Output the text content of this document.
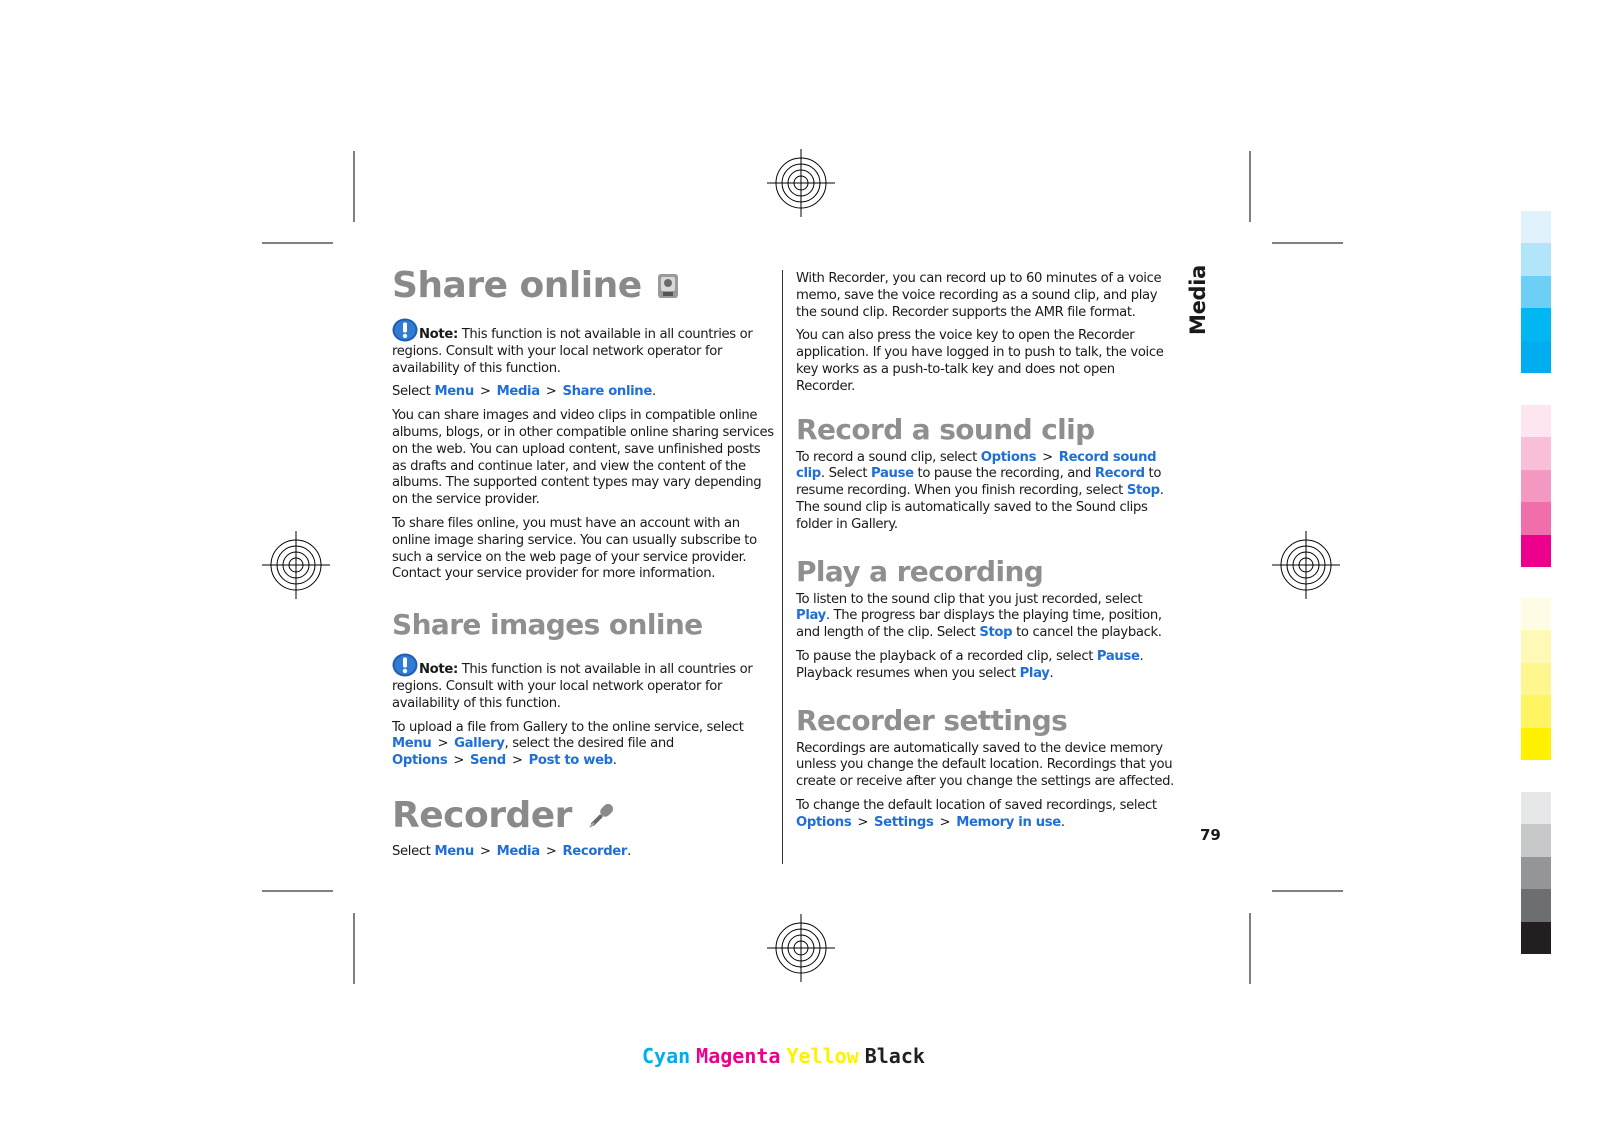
Share online

Note: This function is not available in all countries or regions. Consult with your local network operator for availability of this function.

Select Menu > Media > Share online.

You can share images and video clips in compatible online albums, blogs, or in other compatible online sharing services on the web. You can upload content, save unfinished posts as drafts and continue later, and view the content of the albums. The supported content types may vary depending on the service provider.

To share files online, you must have an account with an online image sharing service. You can usually subscribe to such a service on the web page of your service provider. Contact your service provider for more information.

Share images online

Note: This function is not available in all countries or regions. Consult with your local network operator for availability of this function.

To upload a file from Gallery to the online service, select Menu > Gallery, select the desired file and Options > Send > Post to web.

Recorder

Select Menu > Media > Recorder.

With Recorder, you can record up to 60 minutes of a voice memo, save the voice recording as a sound clip, and play the sound clip. Recorder supports the AMR file format.

You can also press the voice key to open the Recorder application. If you have logged in to push to talk, the voice key works as a push-to-talk key and does not open Recorder.

Record a sound clip

To record a sound clip, select Options > Record sound clip. Select Pause to pause the recording, and Record to resume recording. When you finish recording, select Stop. The sound clip is automatically saved to the Sound clips folder in Gallery.

Play a recording

To listen to the sound clip that you just recorded, select Play. The progress bar displays the playing time, position, and length of the clip. Select Stop to cancel the playback.

To pause the playback of a recorded clip, select Pause. Playback resumes when you select Play.

Recorder settings

Recordings are automatically saved to the device memory unless you change the default location. Recordings that you create or receive after you change the settings are affected.

To change the default location of saved recordings, select Options > Settings > Memory in use.

Media
79
Cyan Magenta Yellow Black
